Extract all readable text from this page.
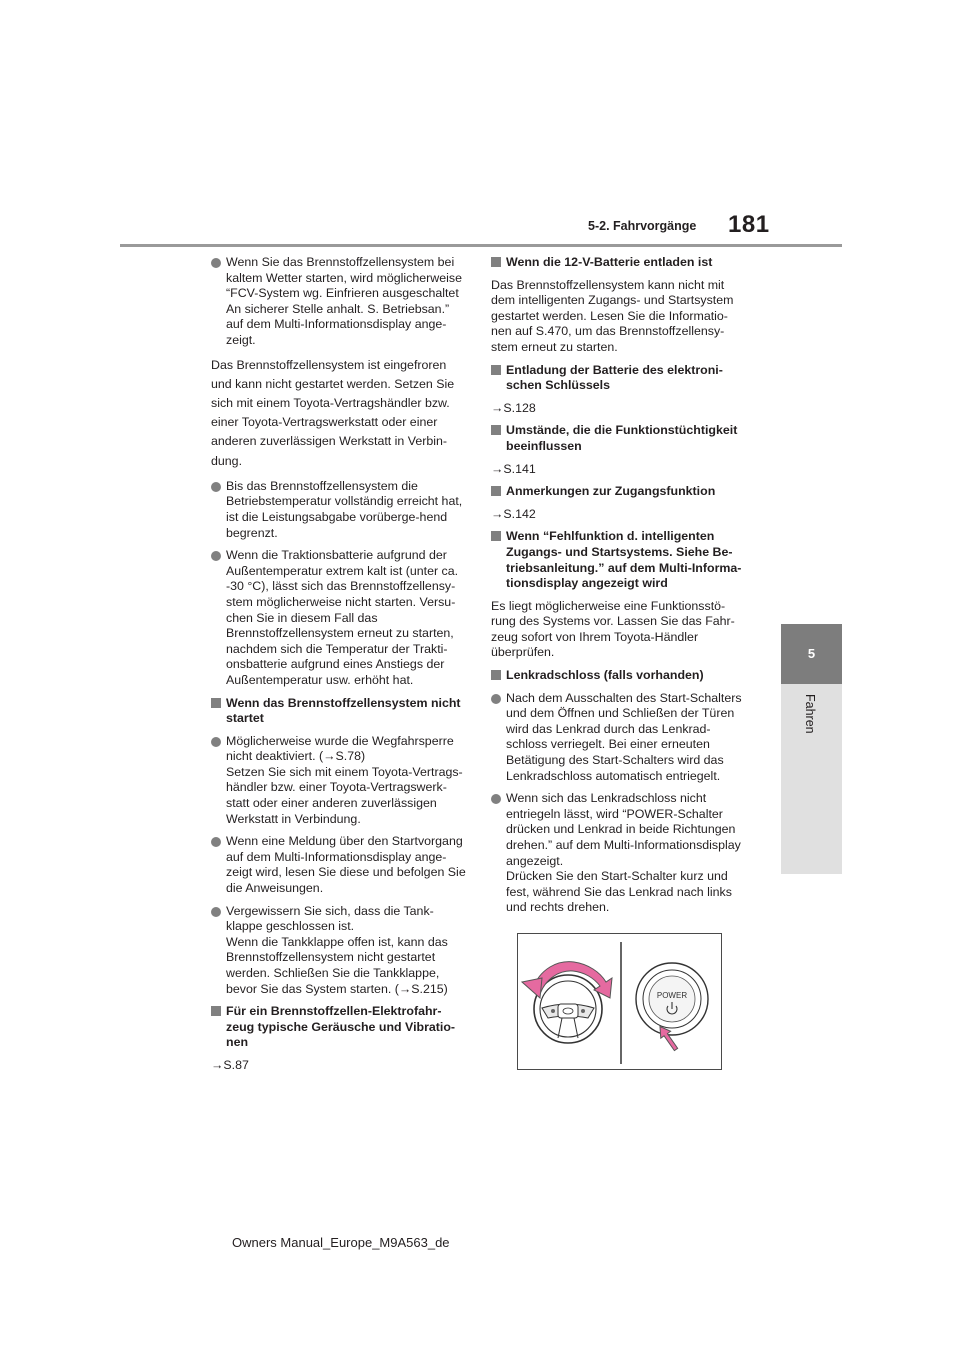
5-2. Fahrvorgänge 181
Wenn Sie das Brennstoffzellensystem bei kaltem Wetter starten, wird möglicherweise “FCV-System wg. Einfrieren ausgeschaltet An sicherer Stelle anhalt. S. Betriebsan.” auf dem Multi-Informationsdisplay ange-zeigt.
Das Brennstoffzellensystem ist eingefroren und kann nicht gestartet werden. Setzen Sie sich mit einem Toyota-Vertragshändler bzw. einer Toyota-Vertragswerkstatt oder einer anderen zuverlässigen Werkstatt in Verbin-dung.
Bis das Brennstoffzellensystem die Betriebstemperatur vollständig erreicht hat, ist die Leistungsabgabe vorüberge-hend begrenzt.
Wenn die Traktionsbatterie aufgrund der Außentemperatur extrem kalt ist (unter ca. -30 °C), lässt sich das Brennstoffzellensy-stem möglicherweise nicht starten. Versu-chen Sie in diesem Fall das Brennstoffzellensystem erneut zu starten, nachdem sich die Temperatur der Trakti-onsbatterie aufgrund eines Anstiegs der Außentemperatur usw. erhöht hat.
Wenn das Brennstoffzellensystem nicht startet
Möglicherweise wurde die Wegfahrsperre nicht deaktiviert. (→S.78)
Setzen Sie sich mit einem Toyota-Vertrags-händler bzw. einer Toyota-Vertragswerk-statt oder einer anderen zuverlässigen Werkstatt in Verbindung.
Wenn eine Meldung über den Startvorgang auf dem Multi-Informationsdisplay ange-zeigt wird, lesen Sie diese und befolgen Sie die Anweisungen.
Vergewissern Sie sich, dass die Tank-klappe geschlossen ist.
Wenn die Tankklappe offen ist, kann das Brennstoffzellensystem nicht gestartet werden. Schließen Sie die Tankklappe, bevor Sie das System starten. (→S.215)
Für ein Brennstoffzellen-Elektrofahr-zeug typische Geräusche und Vibratio-nen
→S.87
Wenn die 12-V-Batterie entladen ist
Das Brennstoffzellensystem kann nicht mit dem intelligenten Zugangs- und Startsystem gestartet werden. Lesen Sie die Informatio-nen auf S.470, um das Brennstoffzellensy-stem erneut zu starten.
Entladung der Batterie des elektroni-schen Schlüssels
→S.128
Umstände, die die Funktionstüchtigkeit beeinflussen
→S.141
Anmerkungen zur Zugangsfunktion
→S.142
Wenn “Fehlfunktion d. intelligenten Zugangs- und Startsystems. Siehe Be-triebsanleitung.” auf dem Multi-Informa-tionsdisplay angezeigt wird
Es liegt möglicherweise eine Funktionsstö-rung des Systems vor. Lassen Sie das Fahr-zeug sofort von Ihrem Toyota-Händler überprüfen.
Lenkradschloss (falls vorhanden)
Nach dem Ausschalten des Start-Schalters und dem Öffnen und Schließen der Türen wird das Lenkrad durch das Lenkrad-schloss verriegelt. Bei einer erneuten Betätigung des Start-Schalters wird das Lenkradschloss automatisch entriegelt.
Wenn sich das Lenkradschloss nicht entriegeln lässt, wird “POWER-Schalter drücken und Lenkrad in beide Richtungen drehen.” auf dem Multi-Informationsdisplay angezeigt.
Drücken Sie den Start-Schalter kurz und fest, während Sie das Lenkrad nach links und rechts drehen.
5
Fahren
POWER
Owners Manual_Europe_M9A563_de
